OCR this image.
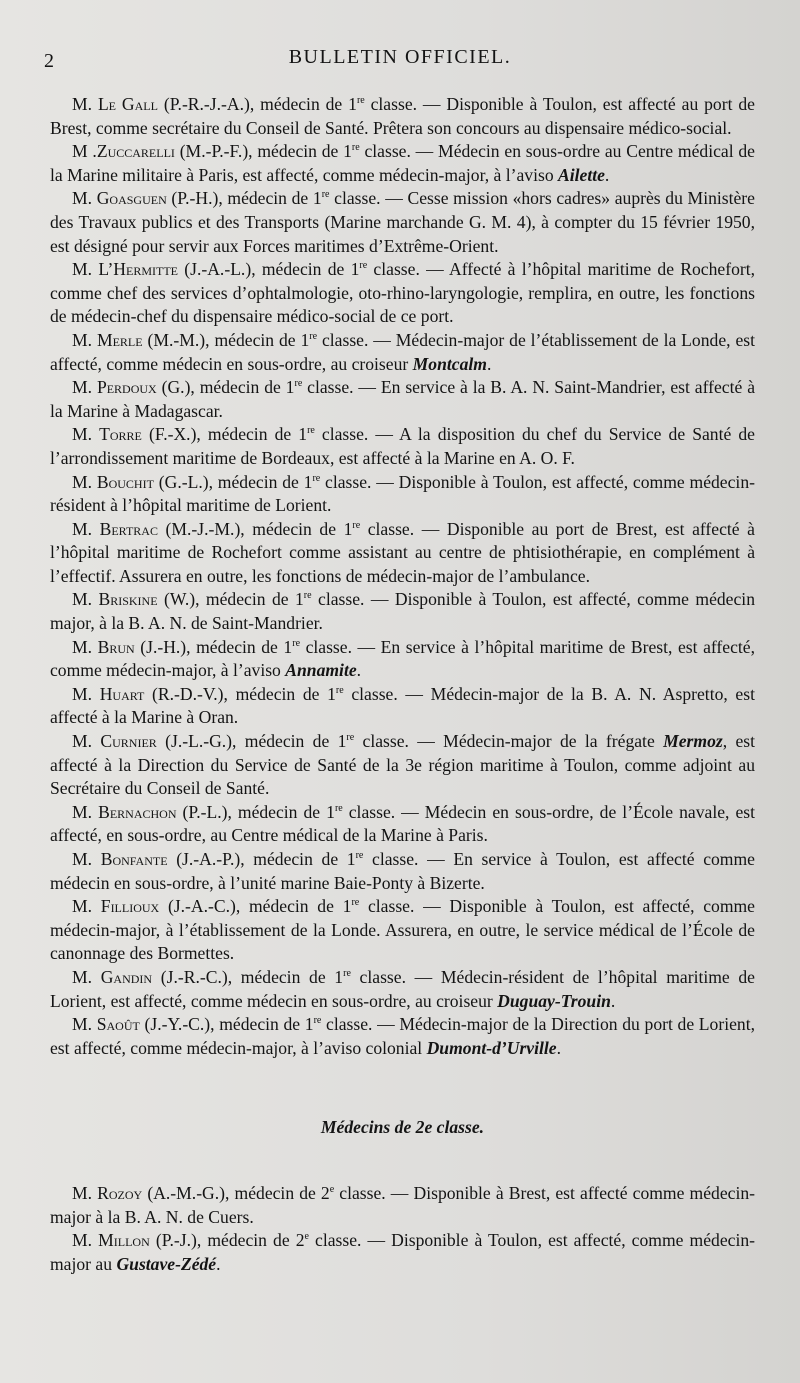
2	BULLETIN OFFICIEL.

M. Le Gall (P.-R.-J.-A.), médecin de 1re classe. — Disponible à Toulon, est affecté au port de Brest, comme secrétaire du Conseil de Santé. Prêtera son concours au dispensaire médico-social.

M .Zuccarelli (M.-P.-F.), médecin de 1re classe. — Médecin en sous-ordre au Centre médical de la Marine militaire à Paris, est affecté, comme médecin-major, à l’aviso Ailette.

M. Goasguen (P.-H.), médecin de 1re classe. — Cesse mission «hors cadres» auprès du Ministère des Travaux publics et des Transports (Marine marchande G. M. 4), à compter du 15 février 1950, est désigné pour servir aux Forces maritimes d’Extrême-Orient.

M. L’Hermitte (J.-A.-L.), médecin de 1re classe. — Affecté à l’hôpital maritime de Rochefort, comme chef des services d’ophtalmologie, oto-rhino-laryngologie, remplira, en outre, les fonctions de médecin-chef du dispensaire médico-social de ce port.

M. Merle (M.-M.), médecin de 1re classe. — Médecin-major de l’établissement de la Londe, est affecté, comme médecin en sous-ordre, au croiseur Montcalm.

M. Perdoux (G.), médecin de 1re classe. — En service à la B. A. N. Saint-Mandrier, est affecté à la Marine à Madagascar.

M. Torre (F.-X.), médecin de 1re classe. — A la disposition du chef du Service de Santé de l’arrondissement maritime de Bordeaux, est affecté à la Marine en A. O. F.

M. Bouchit (G.-L.), médecin de 1re classe. — Disponible à Toulon, est affecté, comme médecin-résident à l’hôpital maritime de Lorient.

M. Bertrac (M.-J.-M.), médecin de 1re classe. — Disponible au port de Brest, est affecté à l’hôpital maritime de Rochefort comme assistant au centre de phtisiothérapie, en complément à l’effectif. Assurera en outre, les fonctions de médecin-major de l’ambulance.

M. Briskine (W.), médecin de 1re classe. — Disponible à Toulon, est affecté, comme médecin major, à la B. A. N. de Saint-Mandrier.

M. Brun (J.-H.), médecin de 1re classe. — En service à l’hôpital maritime de Brest, est affecté, comme médecin-major, à l’aviso Annamite.

M. Huart (R.-D.-V.), médecin de 1re classe. — Médecin-major de la B. A. N. Aspretto, est affecté à la Marine à Oran.

M. Curnier (J.-L.-G.), médecin de 1re classe. — Médecin-major de la frégate Mermoz, est affecté à la Direction du Service de Santé de la 3e région maritime à Toulon, comme adjoint au Secrétaire du Conseil de Santé.

M. Bernachon (P.-L.), médecin de 1re classe. — Médecin en sous-ordre, de l’École navale, est affecté, en sous-ordre, au Centre médical de la Marine à Paris.

M. Bonfante (J.-A.-P.), médecin de 1re classe. — En service à Toulon, est affecté comme médecin en sous-ordre, à l’unité marine Baie-Ponty à Bizerte.

M. Fillioux (J.-A.-C.), médecin de 1re classe. — Disponible à Toulon, est affecté, comme médecin-major, à l’établissement de la Londe. Assurera, en outre, le service médical de l’École de canonnage des Bormettes.

M. Gandin (J.-R.-C.), médecin de 1re classe. — Médecin-résident de l’hôpital maritime de Lorient, est affecté, comme médecin en sous-ordre, au croiseur Duguay-Trouin.

M. Saoût (J.-Y.-C.), médecin de 1re classe. — Médecin-major de la Direction du port de Lorient, est affecté, comme médecin-major, à l’aviso colonial Dumont-d’Urville.

Médecins de 2e classe.

M. Rozoy (A.-M.-G.), médecin de 2e classe. — Disponible à Brest, est affecté comme médecin-major à la B. A. N. de Cuers.

M. Millon (P.-J.), médecin de 2e classe. — Disponible à Toulon, est affecté, comme médecin-major au Gustave-Zédé.
